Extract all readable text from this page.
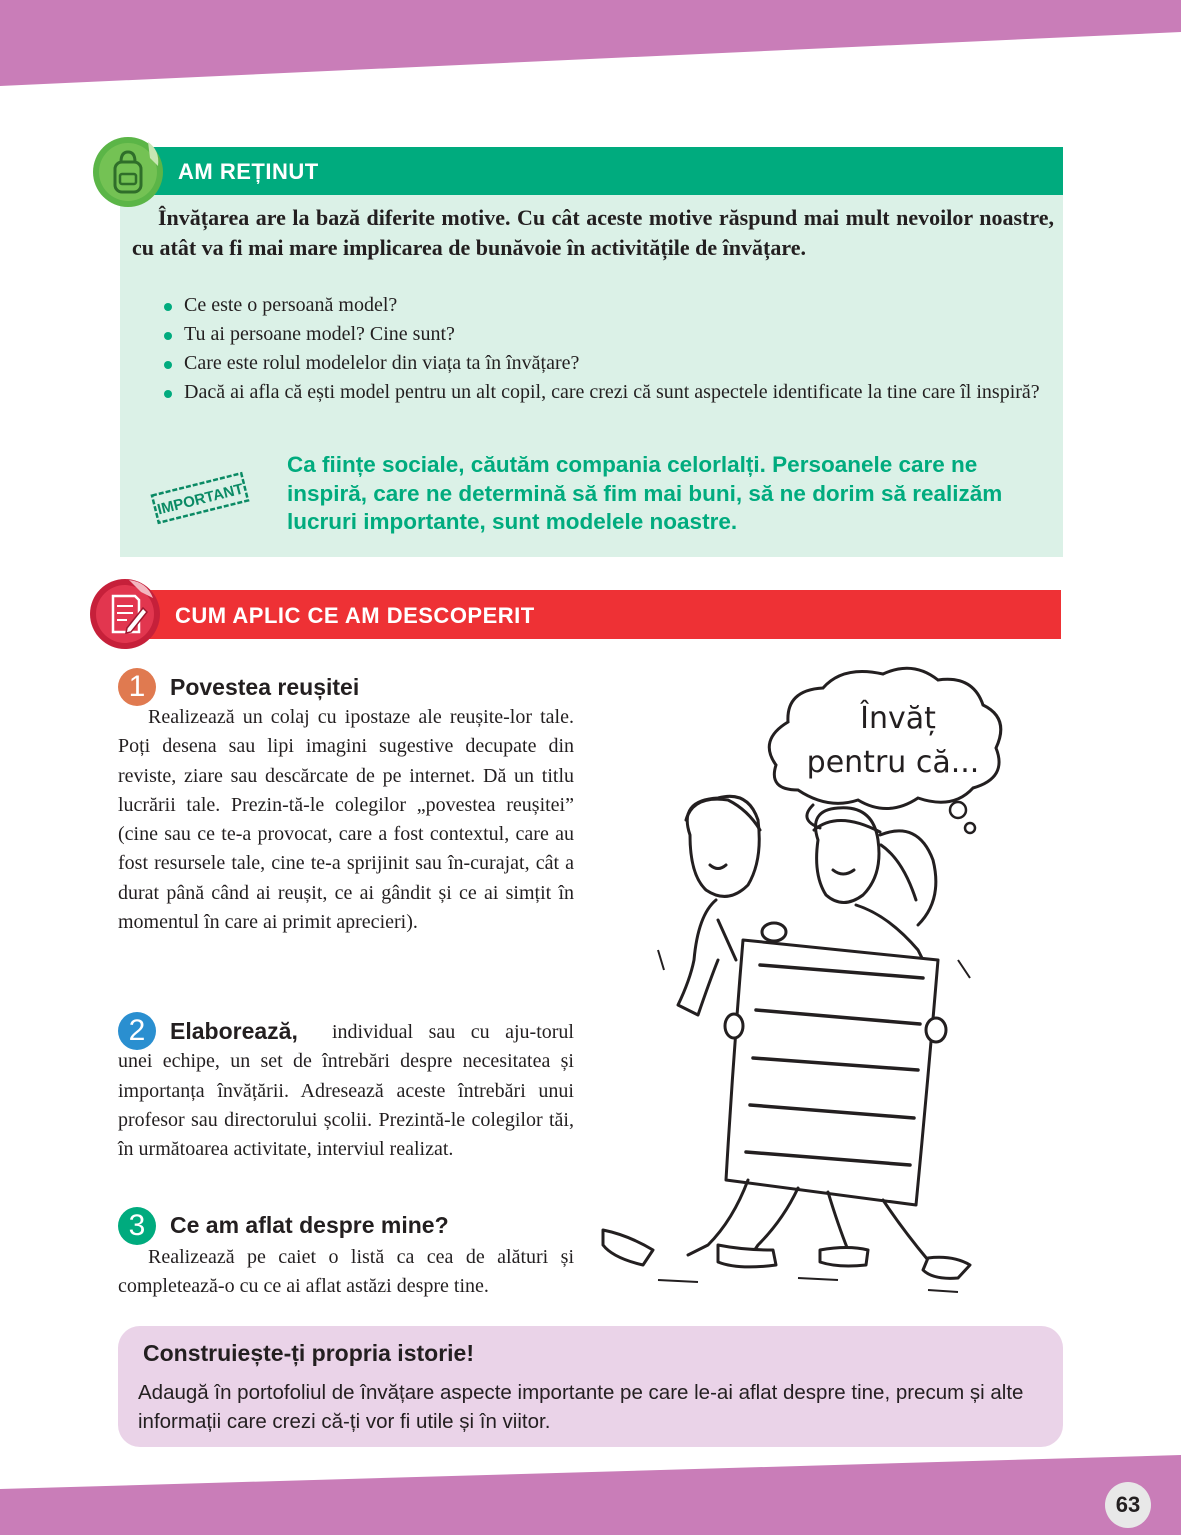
AM REȚINUT

Învățarea are la bază diferite motive. Cu cât aceste motive răspund mai mult nevoilor noastre, cu atât va fi mai mare implicarea de bunăvoie în activitățile de învățare.

Ce este o persoană model?
Tu ai persoane model? Cine sunt?
Care este rolul modelelor din viața ta în învățare?
Dacă ai afla că ești model pentru un alt copil, care crezi că sunt aspectele identificate la tine care îl inspiră?
IMPORTANT

Ca ființe sociale, căutăm compania celorlalți. Persoanele care ne inspiră, care ne determină să fim mai buni, să ne dorim să realizăm lucruri importante, sunt modelele noastre.

CUM APLIC CE AM DESCOPERIT
1	Povestea reușitei

Realizează un colaj cu ipostaze ale reușite-lor tale. Poți desena sau lipi imagini sugestive decupate din reviste, ziare sau descărcate de pe internet. Dă un titlu lucrării tale. Prezin-tă-le colegilor „povestea reușitei” (cine sau ce te-a provocat, care a fost contextul, care au fost resursele tale, cine te-a sprijinit sau în-curajat, cât a durat până când ai reușit, ce ai gândit și ce ai simțit în momentul în care ai primit aprecieri).

2	Elaborează,	individual sau cu aju-torul unei echipe, un set de întrebări despre necesitatea și importanța învățării. Adresează aceste întrebări unui profesor sau directorului școlii. Prezintă-le colegilor tăi, în următoarea activitate, interviul realizat.

3	Ce am aflat despre mine?

Realizează pe caiet o listă ca cea de alături și completează-o cu ce ai aflat astăzi despre tine.

Învăț
pentru că...
Construiește-ți propria istorie!

Adaugă în portofoliul de învățare aspecte importante pe care le-ai aflat despre tine, precum și alte informații care crezi că-ți vor fi utile și în viitor.

63
